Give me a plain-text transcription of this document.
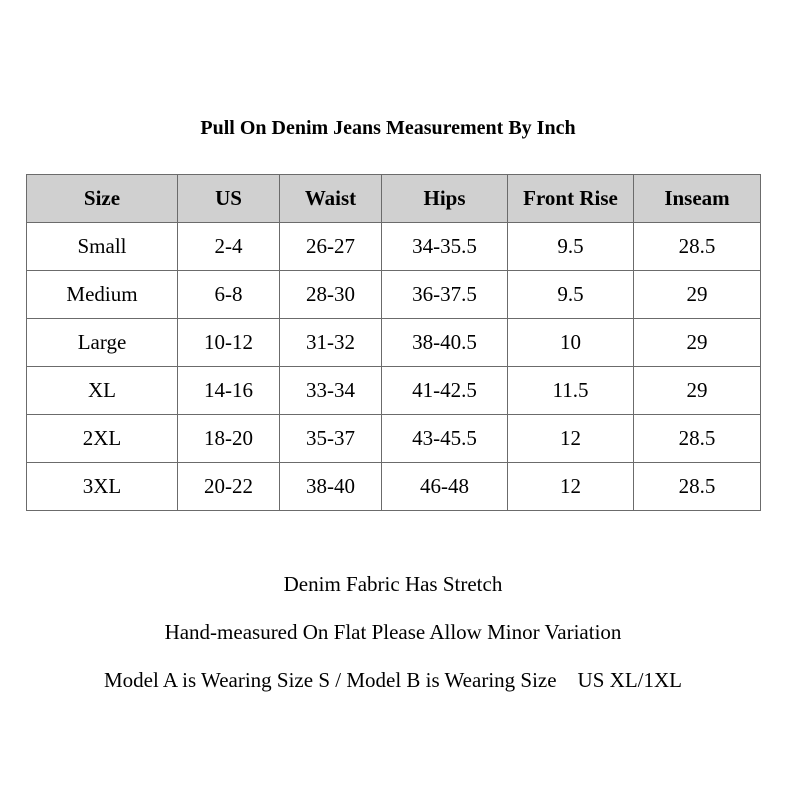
Pull On Denim Jeans Measurement By Inch
Size	US	Waist	Hips	Front Rise	Inseam
Small	2-4	26-27	34-35.5	9.5	28.5
Medium	6-8	28-30	36-37.5	9.5	29
Large	10-12	31-32	38-40.5	10	29
XL	14-16	33-34	41-42.5	11.5	29
2XL	18-20	35-37	43-45.5	12	28.5
3XL	20-22	38-40	46-48	12	28.5
Denim Fabric Has Stretch
Hand-measured On Flat Please Allow Minor Variation
Model A is Wearing Size S / Model B is Wearing Size    US XL/1XL
